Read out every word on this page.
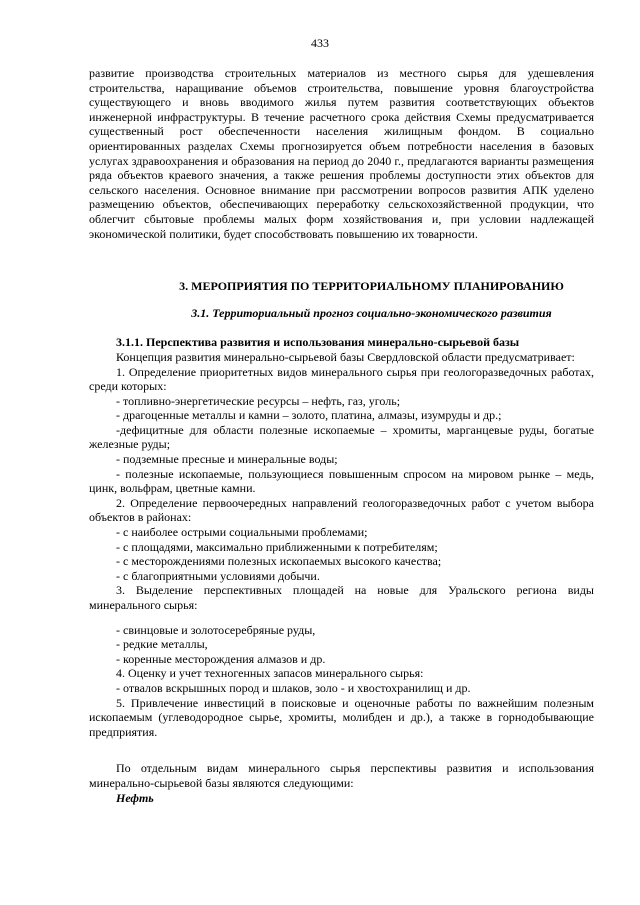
433

развитие производства строительных материалов из местного сырья для удешевления строительства, наращивание объемов строительства, повышение уровня благоустройства существующего и вновь вводимого жилья путем развития соответствующих объектов инженерной инфраструктуры. В течение расчетного срока действия Схемы предусматривается существенный рост обеспеченности населения жилищным фондом. В социально ориентированных разделах Схемы прогнозируется объем потребности населения в базовых услугах здравоохранения и образования на период до 2040 г., предлагаются варианты размещения ряда объектов краевого значения, а также решения проблемы доступности этих объектов для сельского населения. Основное внимание при рассмотрении вопросов развития АПК уделено размещению объектов, обеспечивающих переработку сельскохозяйственной продукции, что облегчит сбытовые проблемы малых форм хозяйствования и, при условии надлежащей экономической политики, будет способствовать повышению их товарности.

3. МЕРОПРИЯТИЯ ПО ТЕРРИТОРИАЛЬНОМУ ПЛАНИРОВАНИЮ

3.1. Территориальный прогноз социально-экономического развития

3.1.1. Перспектива развития и использования минерально-сырьевой базы

Концепция развития минерально-сырьевой базы Свердловской области предусматривает:

1. Определение приоритетных видов минерального сырья при геологоразведочных работах, среди которых:

- топливно-энергетические ресурсы – нефть, газ, уголь;

- драгоценные металлы и камни – золото, платина, алмазы, изумруды и др.;

-дефицитные для области полезные ископаемые – хромиты, марганцевые руды, богатые железные руды;

- подземные пресные и минеральные воды;

- полезные ископаемые, пользующиеся повышенным спросом на мировом рынке – медь, цинк, вольфрам, цветные камни.

2. Определение первоочередных направлений геологоразведочных работ с учетом выбора объектов в районах:

- с наиболее острыми социальными проблемами;

- с площадями, максимально приближенными к потребителям;

- с месторождениями полезных ископаемых высокого качества;

- с благоприятными условиями добычи.

3. Выделение перспективных площадей на новые для Уральского региона виды минерального сырья:

- свинцовые и золотосеребряные руды,

- редкие металлы,

- коренные месторождения алмазов и др.

4. Оценку и учет техногенных запасов минерального сырья:

- отвалов вскрышных пород и шлаков, золо - и хвостохранилищ и др.

5. Привлечение инвестиций в поисковые и оценочные работы по важнейшим полезным ископаемым (углеводородное сырье, хромиты, молибден и др.), а также в горнодобывающие предприятия.

По отдельным видам минерального сырья перспективы развития и использования минерально-сырьевой базы являются следующими:

Нефть
